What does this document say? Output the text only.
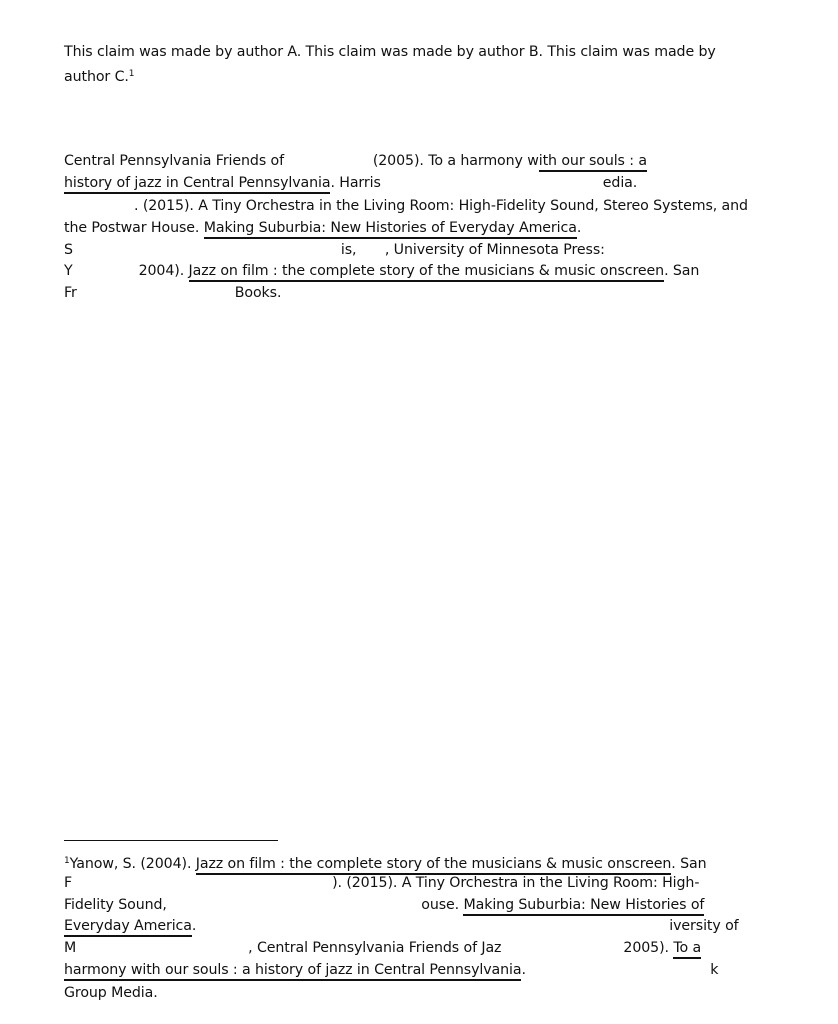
This claim was made by author A. This claim was made by author B. This claim was made by
author C.$^1$
Central Pennsylvania Friends of	(2005). To a harmony with our souls : a
history of jazz in Central Pennsylvania. Harris	edia.
. (2015). A Tiny Orchestra in the Living Room: High-Fidelity Sound, Stereo Systems, and
the Postwar House. Making Suburbia: New Histories of Everyday America.
S	is, , University of Minnesota Press:
Y	2004). Jazz on film : the complete story of the musicians & music onscreen. San
Fr	Books.
$^1$Yanow, S. (2004). Jazz on film : the complete story of the musicians & music onscreen. San
F	). (2015). A Tiny Orchestra in the Living Room: High-
Fidelity Sound,	ouse. Making Suburbia: New Histories of
Everyday America.	iversity of
M	, Central Pennsylvania Friends of Jaz	2005). To a
harmony with our souls : a history of jazz in Central Pennsylvania.	k
Group Media.
